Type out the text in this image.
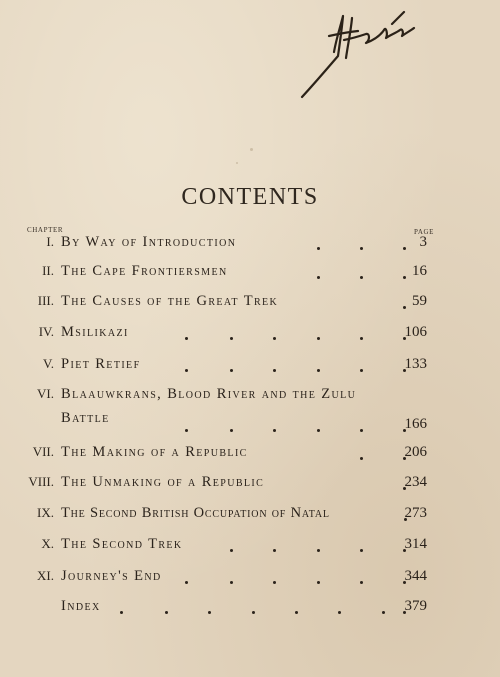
CONTENTS
CHAPTER	PAGE
I. By Way of Introduction	3
II. The Cape Frontiersmen	16
III. The Causes of the Great Trek	59
IV. Msilikazi	106
V. Piet Retief	133
VI. Blaauwkrans, Blood River and the Zulu
Battle	166
VII. The Making of a Republic	206
VIII. The Unmaking of a Republic	234
IX. The Second British Occupation of Natal	273
X. The Second Trek	314
XI. Journey's End	344
Index	379
